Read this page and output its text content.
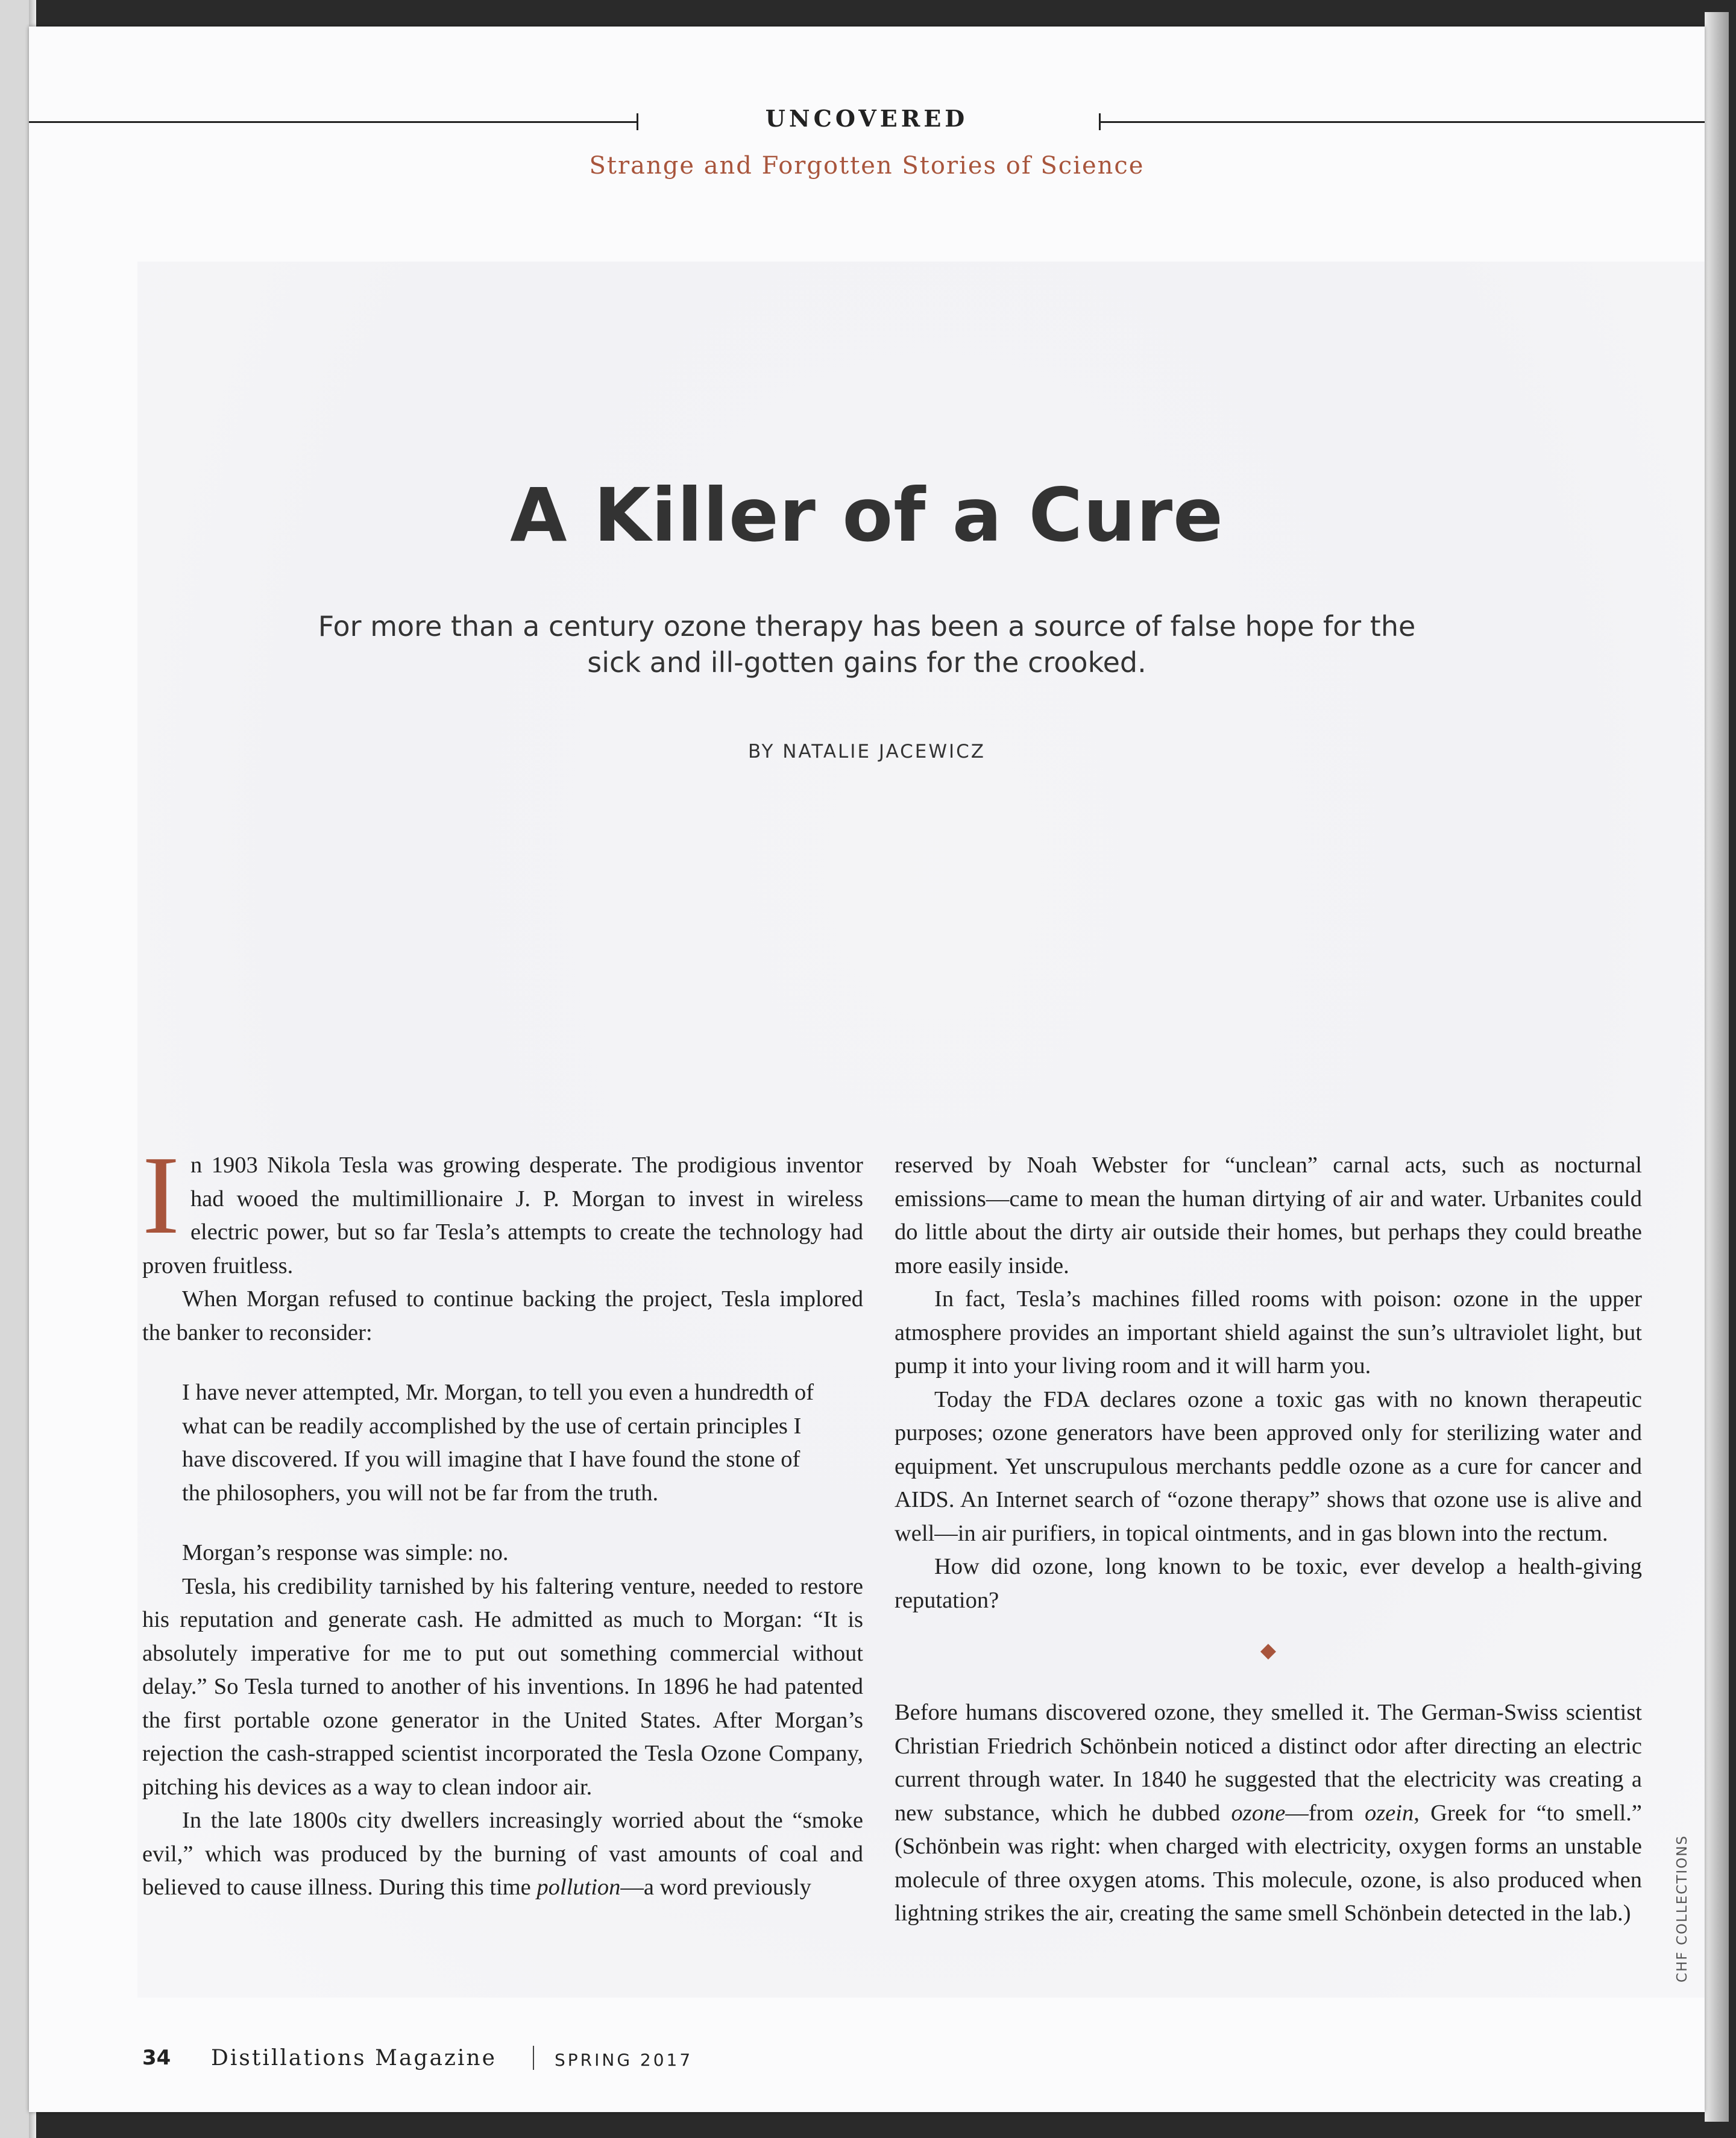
UNCOVERED
Strange and Forgotten Stories of Science
A Killer of a Cure
For more than a century ozone therapy has been a source of false hope for the sick and ill-gotten gains for the crooked.
BY NATALIE JACEWICZ

In 1903 Nikola Tesla was growing desperate. The prodigious inventor had wooed the multimillionaire J. P. Morgan to invest in wireless electric power, but so far Tesla’s attempts to create the technology had proven fruitless.

When Morgan refused to continue backing the project, Tesla implored the banker to reconsider:

I have never attempted, Mr. Morgan, to tell you even a hundredth of what can be readily accomplished by the use of certain principles I have discovered. If you will imagine that I have found the stone of the philosophers, you will not be far from the truth.

Morgan’s response was simple: no.

Tesla, his credibility tarnished by his faltering venture, needed to restore his reputation and generate cash. He admitted as much to Morgan: “It is absolutely imperative for me to put out something commercial without delay.” So Tesla turned to another of his inventions. In 1896 he had patented the first portable ozone generator in the United States. After Morgan’s rejection the cash-strapped scientist incorporated the Tesla Ozone Company, pitching his devices as a way to clean indoor air.

In the late 1800s city dwellers increasingly worried about the “smoke evil,” which was produced by the burning of vast amounts of coal and believed to cause illness. During this time pollution—a word previously

reserved by Noah Webster for “unclean” carnal acts, such as nocturnal emissions—came to mean the human dirtying of air and water. Urbanites could do little about the dirty air outside their homes, but perhaps they could breathe more easily inside.

In fact, Tesla’s machines filled rooms with poison: ozone in the upper atmosphere provides an important shield against the sun’s ultraviolet light, but pump it into your living room and it will harm you.

Today the FDA declares ozone a toxic gas with no known therapeutic purposes; ozone generators have been approved only for sterilizing water and equipment. Yet unscrupulous merchants peddle ozone as a cure for cancer and AIDS. An Internet search of “ozone therapy” shows that ozone use is alive and well—in air purifiers, in topical ointments, and in gas blown into the rectum.

How did ozone, long known to be toxic, ever develop a health-giving reputation?

◆

Before humans discovered ozone, they smelled it. The German-Swiss scientist Christian Friedrich Schönbein noticed a distinct odor after directing an electric current through water. In 1840 he suggested that the electricity was creating a new substance, which he dubbed ozone—from ozein, Greek for “to smell.” (Schönbein was right: when charged with electricity, oxygen forms an unstable molecule of three oxygen atoms. This molecule, ozone, is also produced when lightning strikes the air, creating the same smell Schönbein detected in the lab.)	CHF COLLECTIONS
34 Distillations Magazine	SPRING 2017
